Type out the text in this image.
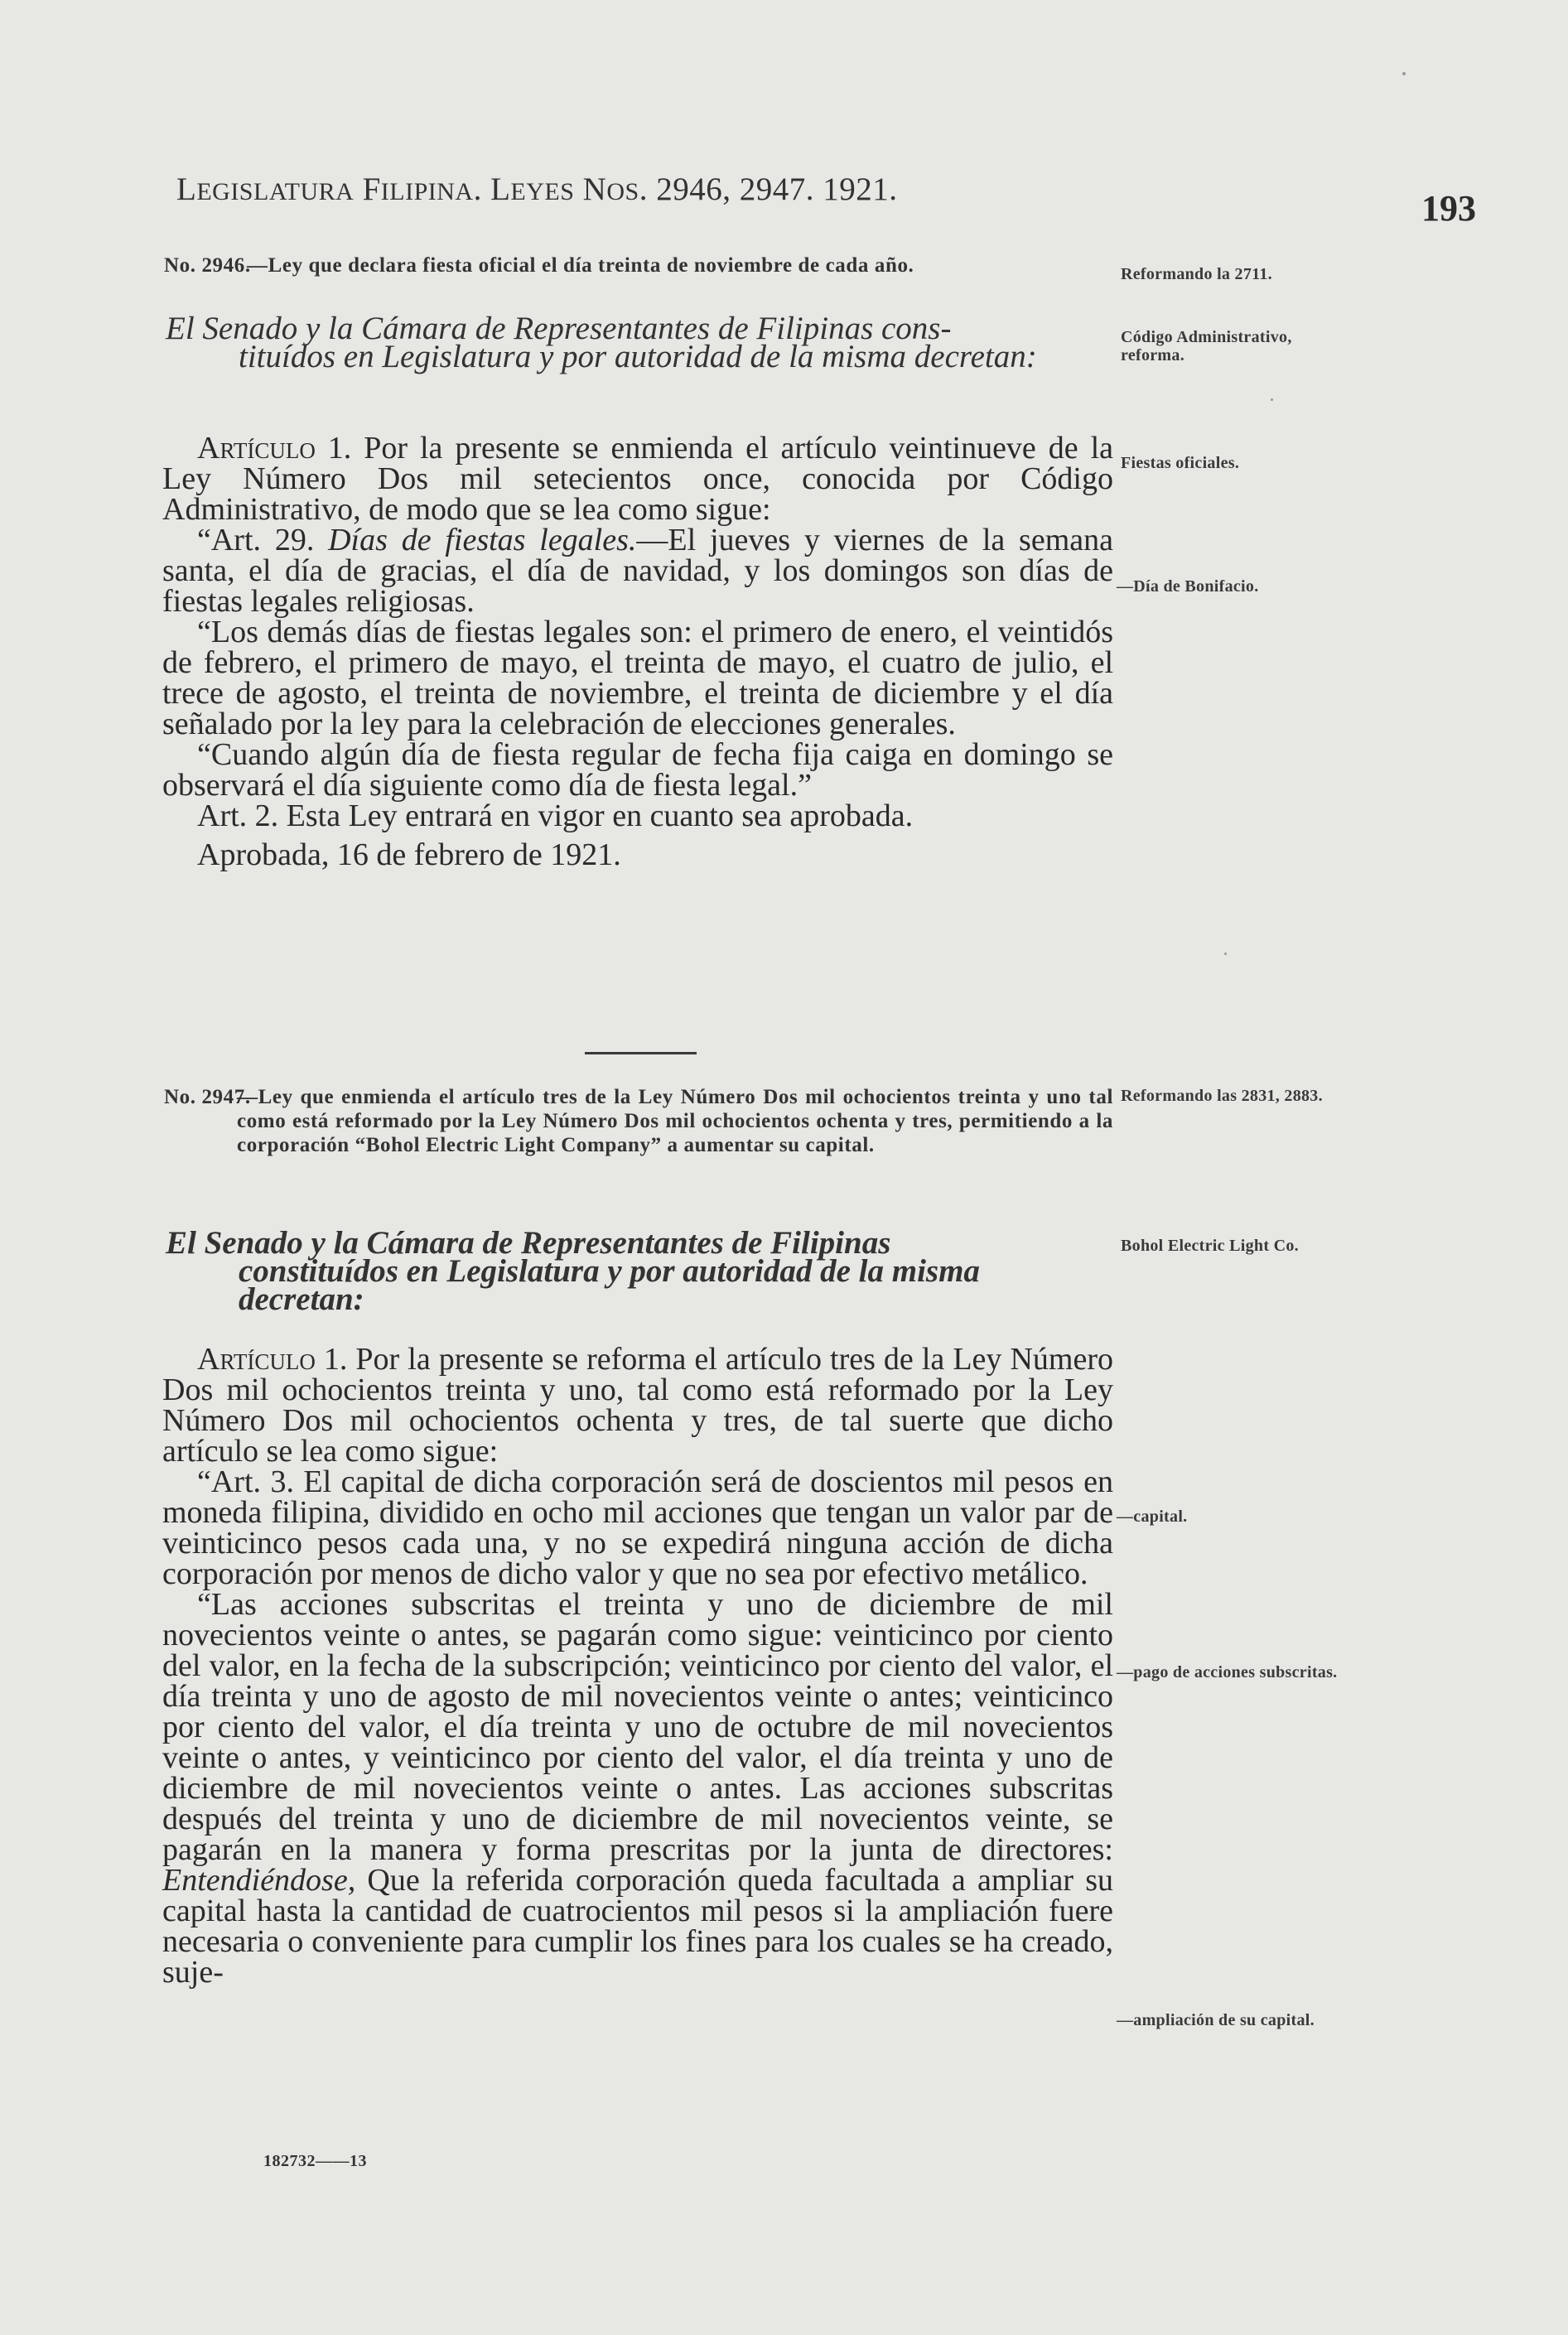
LEGISLATURA FILIPINA. LEYES NOS. 2946, 2947. 1921.	193
No. 2946.
—Ley que declara fiesta oficial el día treinta de noviembre de cada año.
El Senado y la Cámara de Representantes de Filipinas cons-
tituídos en Legislatura y por autoridad de la misma decretan:

Artículo 1. Por la presente se enmienda el artículo veintinueve de la Ley Número Dos mil setecientos once, conocida por Código Administrativo, de modo que se lea como sigue:

“Art. 29. Días de fiestas legales.—El jueves y viernes de la semana santa, el día de gracias, el día de navidad, y los domingos son días de fiestas legales religiosas.

“Los demás días de fiestas legales son: el primero de enero, el veintidós de febrero, el primero de mayo, el treinta de mayo, el cuatro de julio, el trece de agosto, el treinta de noviembre, el treinta de diciembre y el día señalado por la ley para la celebración de elecciones generales.

“Cuando algún día de fiesta regular de fecha fija caiga en domingo se observará el día siguiente como día de fiesta legal.”

Art. 2. Esta Ley entrará en vigor en cuanto sea aprobada.

Aprobada, 16 de febrero de 1921.

No. 2947.
—Ley que enmienda el artículo tres de la Ley Número Dos mil ochocientos treinta y uno tal como está reformado por la Ley Número Dos mil ochocientos ochenta y tres, permitiendo a la corporación “Bohol Electric Light Company” a aumentar su capital.
El Senado y la Cámara de Representantes de Filipinas
constituídos en Legislatura y por autoridad de la misma decretan:

Artículo 1. Por la presente se reforma el artículo tres de la Ley Número Dos mil ochocientos treinta y uno, tal como está reformado por la Ley Número Dos mil ochocientos ochenta y tres, de tal suerte que dicho artículo se lea como sigue:

“Art. 3. El capital de dicha corporación será de doscientos mil pesos en moneda filipina, dividido en ocho mil acciones que tengan un valor par de veinticinco pesos cada una, y no se expedirá ninguna acción de dicha corporación por menos de dicho valor y que no sea por efectivo metálico.

“Las acciones subscritas el treinta y uno de diciembre de mil novecientos veinte o antes, se pagarán como sigue: veinticinco por ciento del valor, en la fecha de la subscripción; veinticinco por ciento del valor, el día treinta y uno de agosto de mil novecientos veinte o antes; veinticinco por ciento del valor, el día treinta y uno de octubre de mil novecientos veinte o antes, y veinticinco por ciento del valor, el día treinta y uno de diciembre de mil novecientos veinte o antes. Las acciones subscritas después del treinta y uno de diciembre de mil novecientos veinte, se pagarán en la manera y forma prescritas por la junta de directores: Entendiéndose, Que la referida corporación queda facultada a ampliar su capital hasta la cantidad de cuatrocientos mil pesos si la ampliación fuere necesaria o conveniente para cumplir los fines para los cuales se ha creado, suje-

Reformando la 2711.
Código Administrativo, reforma.
Fiestas oficiales.
—Día de Bonifacio.
Reformando las 2831, 2883.
Bohol Electric Light Co.
—capital.
—pago de acciones subscritas.
—ampliación de su capital.
182732——13
